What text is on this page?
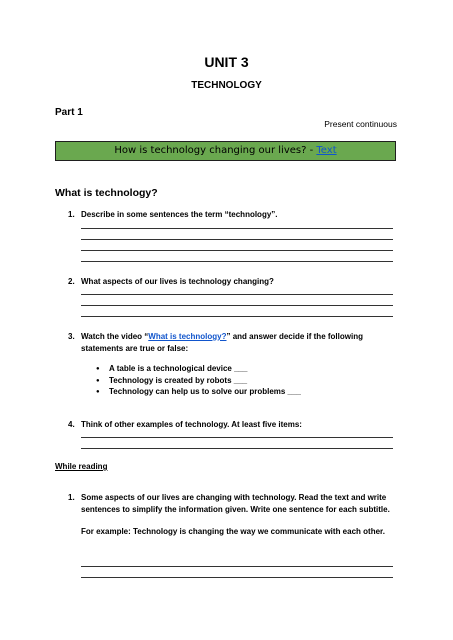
UNIT 3
TECHNOLOGY
Part 1
Present continuous
How is technology changing our lives? - Text
What is technology?
1. Describe in some sentences the term “technology”.
2. What aspects of our lives is technology changing?
3. Watch the video “What is technology?” and answer decide if the following statements are true or false:
● A table is a technological device ___
● Technology is created by robots ___
● Technology can help us to solve our problems ___
4. Think of other examples of technology. At least five items:
While reading
1. Some aspects of our lives are changing with technology. Read the text and write sentences to simplify the information given. Write one sentence for each subtitle.
For example: Technology is changing the way we communicate with each other.
